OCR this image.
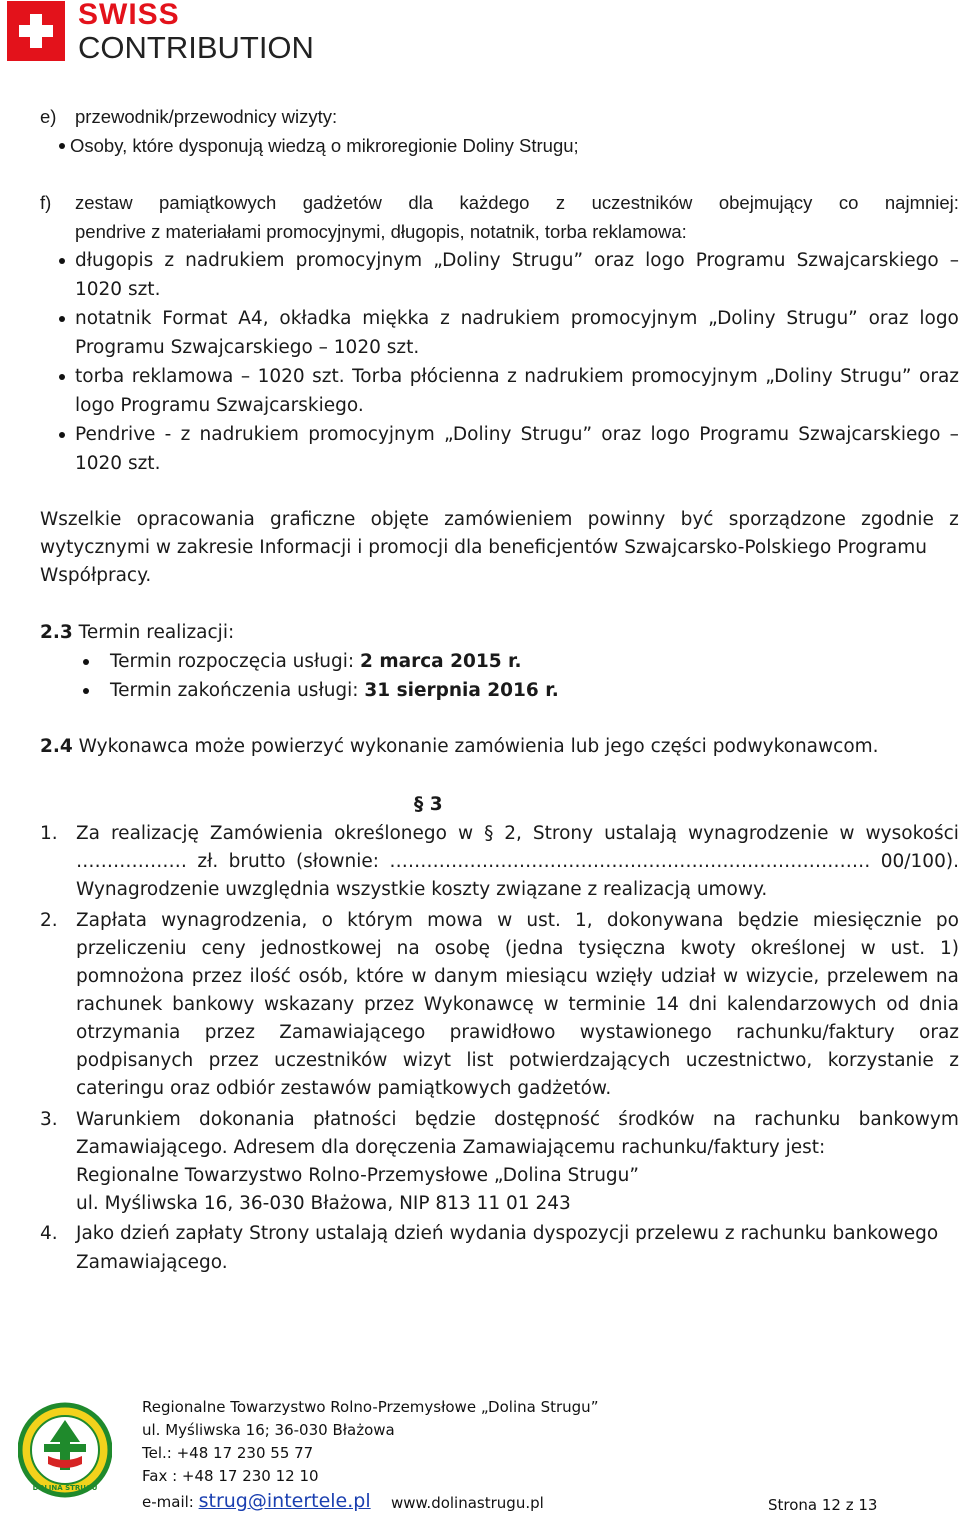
SWISS
CONTRIBUTION
e) przewodnik/przewodnicy wizyty:
Osoby, które dysponują wiedzą o mikroregionie Doliny Strugu;
f) zestaw pamiątkowych gadżetów dla każdego z uczestników obejmujący co najmniej:
pendrive z materiałami promocyjnymi, długopis, notatnik, torba reklamowa:
długopis z nadrukiem promocyjnym „Doliny Strugu” oraz logo Programu Szwajcarskiego –
1020 szt.
notatnik Format A4, okładka miękka z nadrukiem promocyjnym „Doliny Strugu” oraz logo
Programu Szwajcarskiego – 1020 szt.
torba reklamowa – 1020 szt. Torba płócienna z nadrukiem promocyjnym „Doliny Strugu” oraz
logo Programu Szwajcarskiego.
Pendrive - z nadrukiem promocyjnym „Doliny Strugu” oraz logo Programu Szwajcarskiego –
1020 szt.
Wszelkie opracowania graficzne objęte zamówieniem powinny być sporządzone zgodnie z
wytycznymi w zakresie Informacji i promocji dla beneficjentów Szwajcarsko-Polskiego Programu
Współpracy.
2.3 Termin realizacji:
Termin rozpoczęcia usługi: 2 marca 2015 r.
Termin zakończenia usługi: 31 sierpnia 2016 r.
2.4 Wykonawca może powierzyć wykonanie zamówienia lub jego części podwykonawcom.
§ 3
1. Za realizację Zamówienia określonego w § 2, Strony ustalają wynagrodzenie w wysokości
……………… zł. brutto (słownie: …………………………………………………………………… 00/100).
Wynagrodzenie uwzględnia wszystkie koszty związane z realizacją umowy.
2. Zapłata wynagrodzenia, o którym mowa w ust. 1, dokonywana będzie miesięcznie po
przeliczeniu ceny jednostkowej na osobę (jedna tysięczna kwoty określonej w ust. 1)
pomnożona przez ilość osób, które w danym miesiącu wzięły udział w wizycie, przelewem na
rachunek bankowy wskazany przez Wykonawcę w terminie 14 dni kalendarzowych od dnia
otrzymania przez Zamawiającego prawidłowo wystawionego rachunku/faktury oraz
podpisanych przez uczestników wizyt list potwierdzających uczestnictwo, korzystanie z
cateringu oraz odbiór zestawów pamiątkowych gadżetów.
3. Warunkiem dokonania płatności będzie dostępność środków na rachunku bankowym
Zamawiającego. Adresem dla doręczenia Zamawiającemu rachunku/faktury jest:
Regionalne Towarzystwo Rolno-Przemysłowe „Dolina Strugu”
ul. Myśliwska 16, 36-030 Błażowa, NIP 813 11 01 243
4. Jako dzień zapłaty Strony ustalają dzień wydania dyspozycji przelewu z rachunku bankowego
Zamawiającego.
DOLINA STRUGU
Regionalne Towarzystwo Rolno-Przemysłowe „Dolina Strugu”
ul. Myśliwska 16; 36-030 Błażowa
Tel.: +48 17 230 55 77
Fax : +48 17 230 12 10
e-mail: strug@intertele.pl www.dolinastrugu.pl	Strona 12 z 13
